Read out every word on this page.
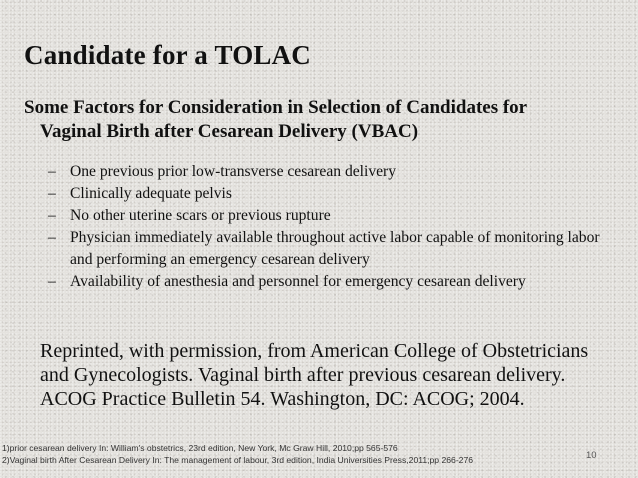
Candidate for a TOLAC
Some Factors for Consideration in Selection of Candidates for
Vaginal Birth after Cesarean Delivery (VBAC)
– One previous prior low-transverse cesarean delivery
– Clinically adequate pelvis
– No other uterine scars or previous rupture
– Physician immediately available throughout active labor capable of monitoring labor and performing an emergency cesarean delivery
– Availability of anesthesia and personnel for emergency cesarean delivery
Reprinted, with permission, from American College of Obstetricians and Gynecologists. Vaginal birth after previous cesarean delivery. ACOG Practice Bulletin 54. Washington, DC: ACOG; 2004.
1)prior cesarean delivery In: William's obstetrics, 23rd edition, New York, Mc Graw Hill, 2010;pp 565-576
2)Vaginal birth After Cesarean Delivery In: The management of labour, 3rd edition, India Universities Press,2011;pp 266-276	10
